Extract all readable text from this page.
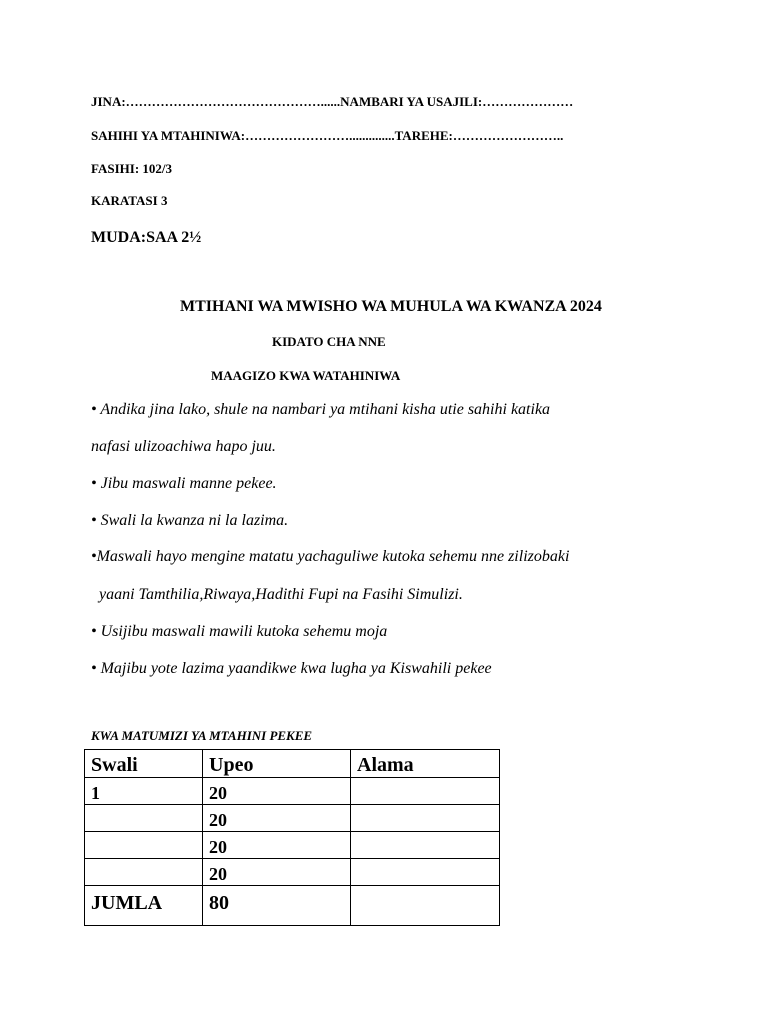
JINA:………………………………………......NAMBARI YA USAJILI:…………………
SAHIHI YA MTAHINIWA:……………………..............TAREHE:……………………..
FASIHI: 102/3
KARATASI 3
MUDA:SAA 2½
MTIHANI WA MWISHO WA MUHULA WA KWANZA 2024
KIDATO CHA NNE
MAAGIZO KWA WATAHINIWA
• Andika jina lako, shule na nambari ya mtihani kisha utie sahihi katika
nafasi ulizoachiwa hapo juu.
• Jibu maswali manne pekee.
• Swali la kwanza ni la lazima.
•Maswali hayo mengine matatu yachaguliwe kutoka sehemu nne zilizobaki
yaani Tamthilia,Riwaya,Hadithi Fupi na Fasihi Simulizi.
• Usijibu maswali mawili kutoka sehemu moja
• Majibu yote lazima yaandikwe kwa lugha ya Kiswahili pekee
KWA MATUMIZI YA MTAHINI PEKEE
Swali	Upeo	Alama
1	20	
	20	
	20	
	20	
JUMLA	80	
